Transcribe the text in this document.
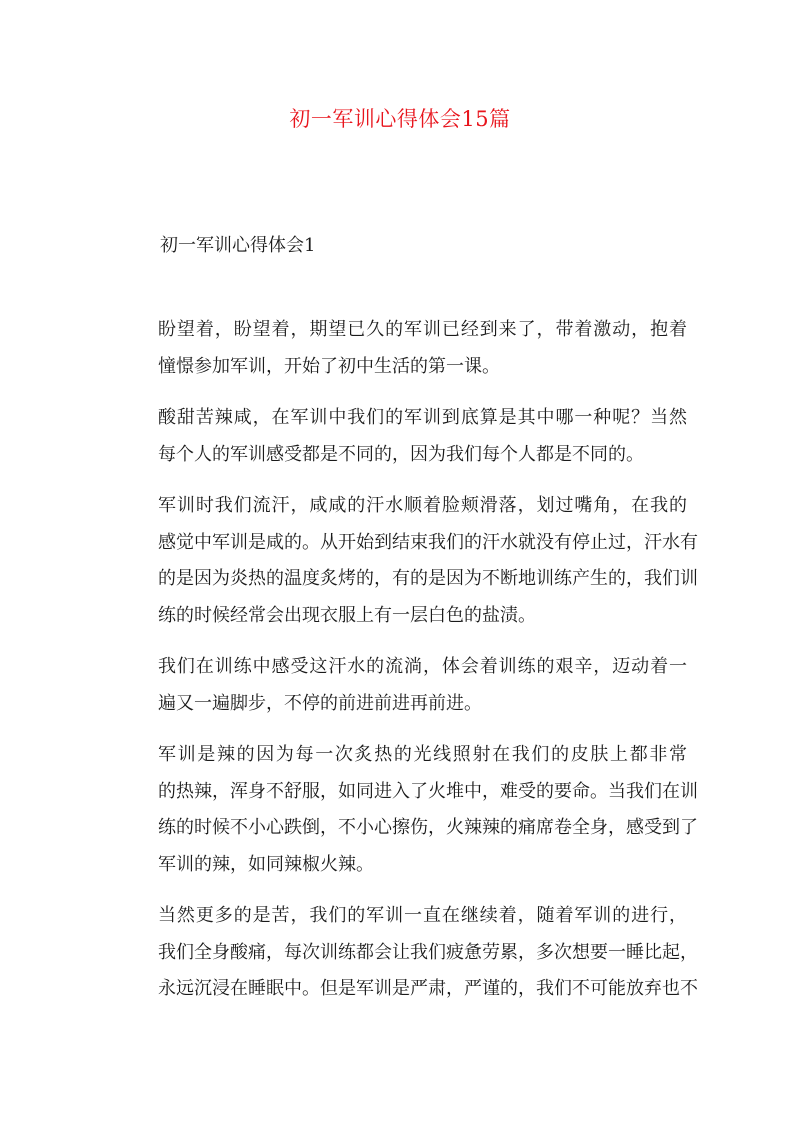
初一军训心得体会15篇
初一军训心得体会1

盼望着，盼望着，期望已久的军训已经到来了，带着激动，抱着
憧憬参加军训，开始了初中生活的第一课。

酸甜苦辣咸，在军训中我们的军训到底算是其中哪一种呢？当然
每个人的军训感受都是不同的，因为我们每个人都是不同的。

军训时我们流汗，咸咸的汗水顺着脸颊滑落，划过嘴角，在我的
感觉中军训是咸的。从开始到结束我们的汗水就没有停止过，汗水有
的是因为炎热的温度炙烤的，有的是因为不断地训练产生的，我们训
练的时候经常会出现衣服上有一层白色的盐渍。

我们在训练中感受这汗水的流淌，体会着训练的艰辛，迈动着一
遍又一遍脚步，不停的前进前进再前进。

军训是辣的因为每一次炙热的光线照射在我们的皮肤上都非常
的热辣，浑身不舒服，如同进入了火堆中，难受的要命。当我们在训
练的时候不小心跌倒，不小心擦伤，火辣辣的痛席卷全身，感受到了
军训的辣，如同辣椒火辣。

当然更多的是苦，我们的军训一直在继续着，随着军训的进行，
我们全身酸痛，每次训练都会让我们疲惫劳累，多次想要一睡比起，
永远沉浸在睡眠中。但是军训是严肃，严谨的，我们不可能放弃也不
